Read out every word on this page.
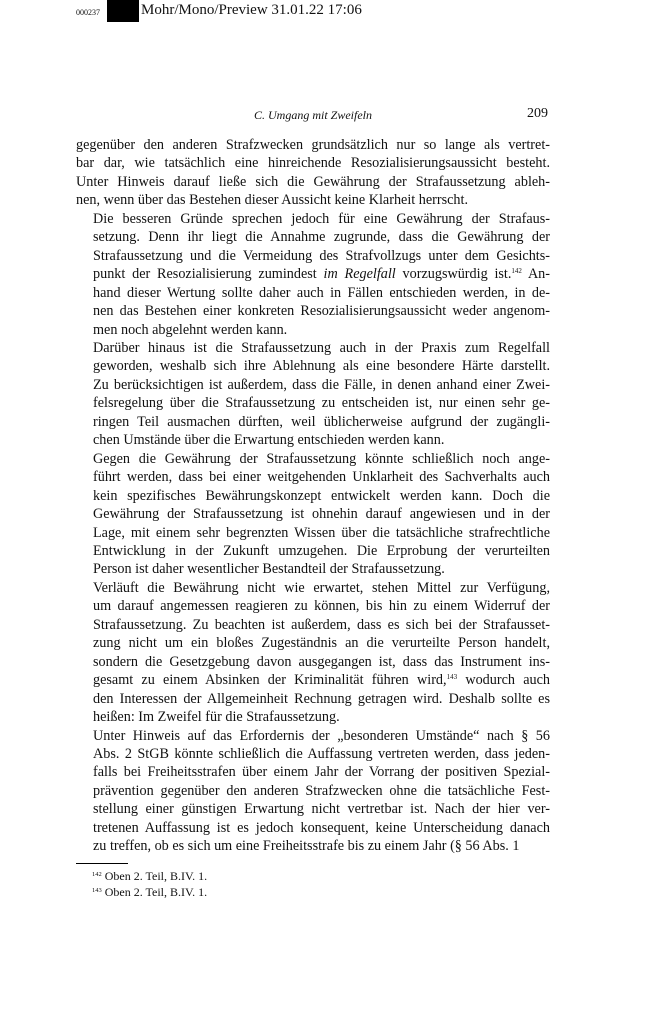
000237	Mohr/Mono/Preview 31.01.22 17:06
C. Umgang mit Zweifeln	209

gegenüber den anderen Strafzwecken grundsätzlich nur so lange als vertret-
bar dar, wie tatsächlich eine hinreichende Resozialisierungsaussicht besteht.
Unter Hinweis darauf ließe sich die Gewährung der Strafaussetzung ableh-
nen, wenn über das Bestehen dieser Aussicht keine Klarheit herrscht.

Die besseren Gründe sprechen jedoch für eine Gewährung der Strafaus-
setzung. Denn ihr liegt die Annahme zugrunde, dass die Gewährung der
Strafaussetzung und die Vermeidung des Strafvollzugs unter dem Gesichts-
punkt der Resozialisierung zumindest im Regelfall vorzugswürdig ist.$^{142}$ An-
hand dieser Wertung sollte daher auch in Fällen entschieden werden, in de-
nen das Bestehen einer konkreten Resozialisierungsaussicht weder angenom-
men noch abgelehnt werden kann.

Darüber hinaus ist die Strafaussetzung auch in der Praxis zum Regelfall
geworden, weshalb sich ihre Ablehnung als eine besondere Härte darstellt.
Zu berücksichtigen ist außerdem, dass die Fälle, in denen anhand einer Zwei-
felsregelung über die Strafaussetzung zu entscheiden ist, nur einen sehr ge-
ringen Teil ausmachen dürften, weil üblicherweise aufgrund der zugängli-
chen Umstände über die Erwartung entschieden werden kann.

Gegen die Gewährung der Strafaussetzung könnte schließlich noch ange-
führt werden, dass bei einer weitgehenden Unklarheit des Sachverhalts auch
kein spezifisches Bewährungskonzept entwickelt werden kann. Doch die
Gewährung der Strafaussetzung ist ohnehin darauf angewiesen und in der
Lage, mit einem sehr begrenzten Wissen über die tatsächliche strafrechtliche
Entwicklung in der Zukunft umzugehen. Die Erprobung der verurteilten
Person ist daher wesentlicher Bestandteil der Strafaussetzung.

Verläuft die Bewährung nicht wie erwartet, stehen Mittel zur Verfügung,
um darauf angemessen reagieren zu können, bis hin zu einem Widerruf der
Strafaussetzung. Zu beachten ist außerdem, dass es sich bei der Strafausset-
zung nicht um ein bloßes Zugeständnis an die verurteilte Person handelt,
sondern die Gesetzgebung davon ausgegangen ist, dass das Instrument ins-
gesamt zu einem Absinken der Kriminalität führen wird,$^{143}$ wodurch auch
den Interessen der Allgemeinheit Rechnung getragen wird. Deshalb sollte es
heißen: Im Zweifel für die Strafaussetzung.

Unter Hinweis auf das Erfordernis der „besonderen Umstände“ nach § 56
Abs. 2 StGB könnte schließlich die Auffassung vertreten werden, dass jeden-
falls bei Freiheitsstrafen über einem Jahr der Vorrang der positiven Spezial-
prävention gegenüber den anderen Strafzwecken ohne die tatsächliche Fest-
stellung einer günstigen Erwartung nicht vertretbar ist. Nach der hier ver-
tretenen Auffassung ist es jedoch konsequent, keine Unterscheidung danach
zu treffen, ob es sich um eine Freiheitsstrafe bis zu einem Jahr (§ 56 Abs. 1

$^{142}$ Oben 2. Teil, B.IV. 1.
$^{143}$ Oben 2. Teil, B.IV. 1.
